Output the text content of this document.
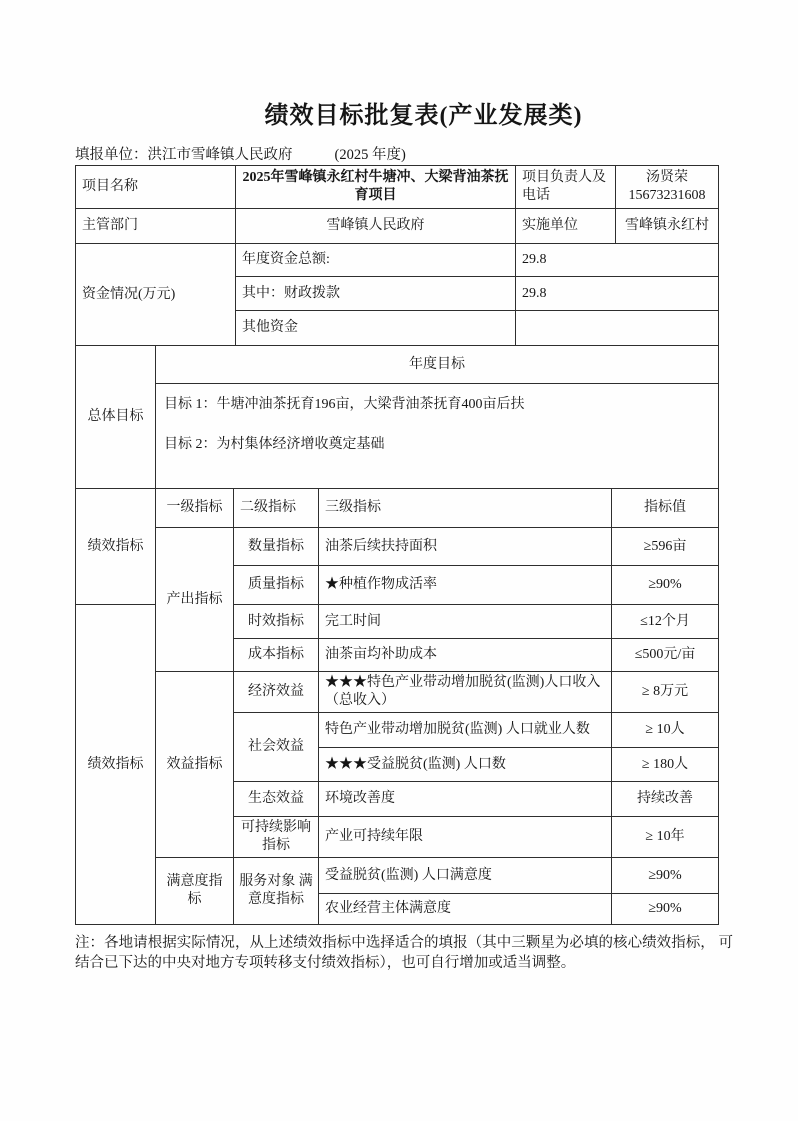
绩效目标批复表(产业发展类)
填报单位：洪江市雪峰镇人民政府	(2025 年度)
项目名称	2025年雪峰镇永红村牛塘冲、大梁背油茶抚育项目	项目负责人及电话	汤贤荣
15673231608

主管部门	雪峰镇人民政府	实施单位	雪峰镇永红村
资金情况(万元)	年度资金总额:	29.8
	其中：财政拨款	29.8
	其他资金	
总体目标	年度目标

目标 1：牛塘冲油茶抚育196亩，大梁背油茶抚育400亩后扶
目标 2：为村集体经济增收奠定基础
绩效指标	一级指标	二级指标	三级指标	指标值
	产出指标	数量指标	油茶后续扶持面积	≥596亩
		质量指标	★种植作物成活率	≥90%
绩效指标		时效指标	完工时间	≤12个月
		成本指标	油茶亩均补助成本	≤500元/亩
	效益指标	经济效益	★★★特色产业带动增加脱贫(监测)人口收入（总收入）	≥ 8万元
		社会效益	特色产业带动增加脱贫(监测) 人口就业人数	≥ 10人
			★★★受益脱贫(监测) 人口数	≥ 180人
		生态效益	环境改善度	持续改善
		可持续影响指标	产业可持续年限	≥ 10年
	满意度指 标	服务对象 满意度指标	受益脱贫(监测) 人口满意度	≥90%
			农业经营主体满意度	≥90%
注：各地请根据实际情况，从上述绩效指标中选择适合的填报（其中三颗星为必填的核心绩效指标， 可结合已下达的中央对地方专项转移支付绩效指标），也可自行增加或适当调整。
